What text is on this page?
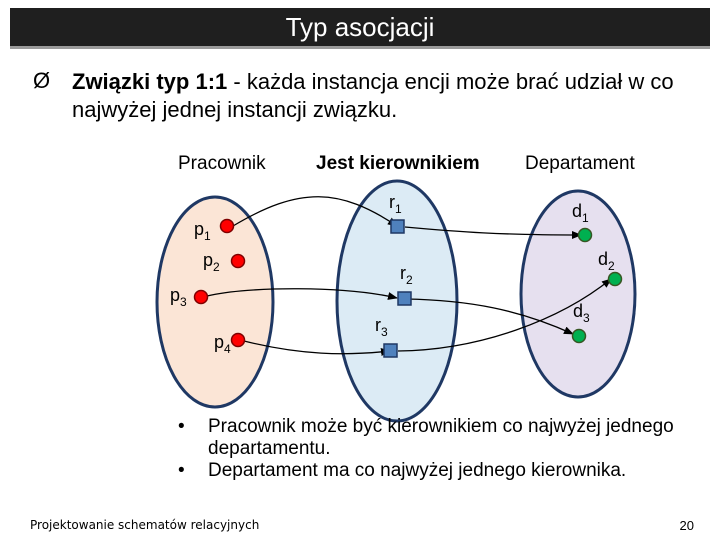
Typ asocjacji
Ø Związki typ 1:1 - każda instancja encji może brać udział w co najwyżej jednej instancji związku.
Pracownik	Jest kierownikiem Departament
$p_1$
$p_2$
$p_3$
$p_4$
$r_1$
$r_2$
$r_3$
$d_1$
$d_2$
$d_3$
• Pracownik może być kierownikiem co najwyżej jednego departamentu.
• Departament ma co najwyżej jednego kierownika.
Projektowanie schematów relacyjnych	20
